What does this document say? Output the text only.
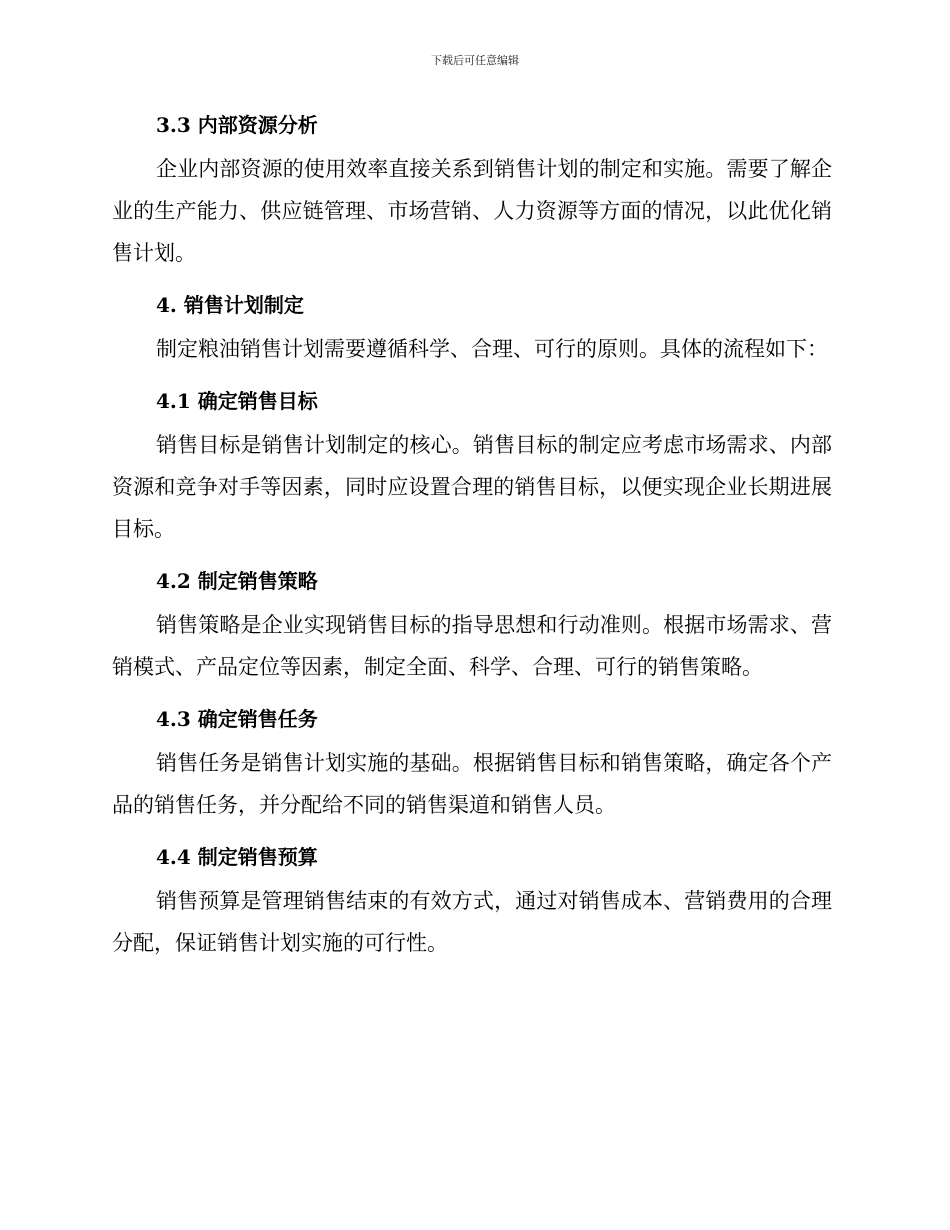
下载后可任意编辑
3.3 内部资源分析

企业内部资源的使用效率直接关系到销售计划的制定和实施。需要了解企业的生产能力、供应链管理、市场营销、人力资源等方面的情况，以此优化销售计划。

4. 销售计划制定

制定粮油销售计划需要遵循科学、合理、可行的原则。具体的流程如下：

4.1 确定销售目标

销售目标是销售计划制定的核心。销售目标的制定应考虑市场需求、内部资源和竞争对手等因素，同时应设置合理的销售目标，以便实现企业长期进展目标。

4.2 制定销售策略

销售策略是企业实现销售目标的指导思想和行动准则。根据市场需求、营销模式、产品定位等因素，制定全面、科学、合理、可行的销售策略。

4.3 确定销售任务

销售任务是销售计划实施的基础。根据销售目标和销售策略，确定各个产品的销售任务，并分配给不同的销售渠道和销售人员。

4.4 制定销售预算

销售预算是管理销售结束的有效方式，通过对销售成本、营销费用的合理分配，保证销售计划实施的可行性。
